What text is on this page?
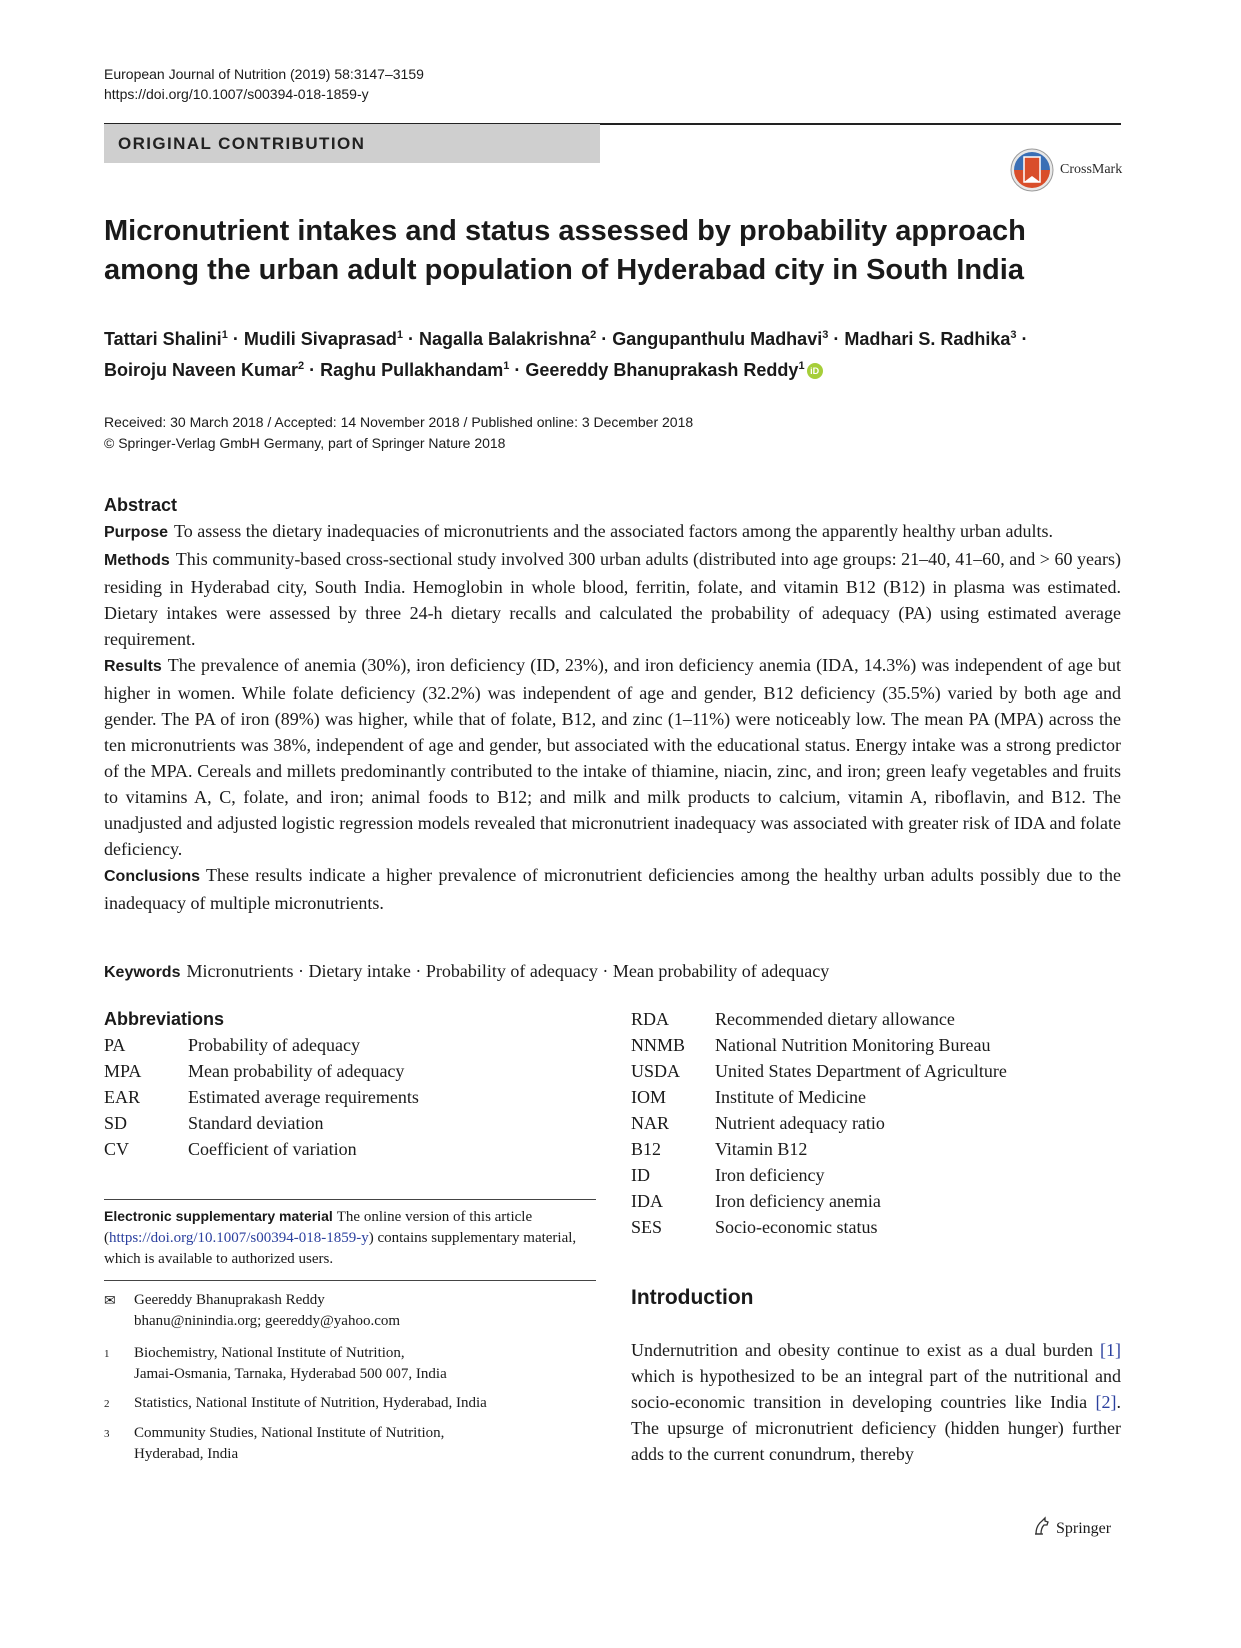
European Journal of Nutrition (2019) 58:3147–3159
https://doi.org/10.1007/s00394-018-1859-y
ORIGINAL CONTRIBUTION
CrossMark
Micronutrient intakes and status assessed by probability approach
among the urban adult population of Hyderabad city in South India
Tattari Shalini$^1$ · Mudili Sivaprasad$^1$ · Nagalla Balakrishna$^2$ · Gangupanthulu Madhavi$^3$ · Madhari S. Radhika$^3$ ·
Boiroju Naveen Kumar$^2$ · Raghu Pullakhandam$^1$ · Geereddy Bhanuprakash Reddy$^1$ iD
Received: 30 March 2018 / Accepted: 14 November 2018 / Published online: 3 December 2018
© Springer-Verlag GmbH Germany, part of Springer Nature 2018
Abstract

Purpose To assess the dietary inadequacies of micronutrients and the associated factors among the apparently healthy urban adults.

Methods This community-based cross-sectional study involved 300 urban adults (distributed into age groups: 21–40, 41–60, and > 60 years) residing in Hyderabad city, South India. Hemoglobin in whole blood, ferritin, folate, and vitamin B12 (B12) in plasma was estimated. Dietary intakes were assessed by three 24-h dietary recalls and calculated the probability of adequacy (PA) using estimated average requirement.

Results The prevalence of anemia (30%), iron deficiency (ID, 23%), and iron deficiency anemia (IDA, 14.3%) was independent of age but higher in women. While folate deficiency (32.2%) was independent of age and gender, B12 deficiency (35.5%) varied by both age and gender. The PA of iron (89%) was higher, while that of folate, B12, and zinc (1–11%) were noticeably low. The mean PA (MPA) across the ten micronutrients was 38%, independent of age and gender, but associated with the educational status. Energy intake was a strong predictor of the MPA. Cereals and millets predominantly contributed to the intake of thiamine, niacin, zinc, and iron; green leafy vegetables and fruits to vitamins A, C, folate, and iron; animal foods to B12; and milk and milk products to calcium, vitamin A, riboflavin, and B12. The unadjusted and adjusted logistic regression models revealed that micronutrient inadequacy was associated with greater risk of IDA and folate deficiency.

Conclusions These results indicate a higher prevalence of micronutrient deficiencies among the healthy urban adults possibly due to the inadequacy of multiple micronutrients.

Keywords Micronutrients · Dietary intake · Probability of adequacy · Mean probability of adequacy
Abbreviations
PA	Probability of adequacy
MPA	Mean probability of adequacy
EAR	Estimated average requirements
SD	Standard deviation
CV	Coefficient of variation
RDA	Recommended dietary allowance
NNMB	National Nutrition Monitoring Bureau
USDA	United States Department of Agriculture
IOM	Institute of Medicine
NAR	Nutrient adequacy ratio
B12	Vitamin B12
ID	Iron deficiency
IDA	Iron deficiency anemia
SES	Socio-economic status
Electronic supplementary material The online version of this article (https://doi.org/10.1007/s00394-018-1859-y) contains supplementary material, which is available to authorized users.
✉	Geereddy Bhanuprakash Reddy
bhanu@ninindia.org; geereddy@yahoo.com
1	Biochemistry, National Institute of Nutrition,
Jamai-Osmania, Tarnaka, Hyderabad 500 007, India
2	Statistics, National Institute of Nutrition, Hyderabad, India
3	Community Studies, National Institute of Nutrition,
Hyderabad, India
Introduction
Undernutrition and obesity continue to exist as a dual burden [1] which is hypothesized to be an integral part of the nutritional and socio-economic transition in developing countries like India [2]. The upsurge of micronutrient deficiency (hidden hunger) further adds to the current conundrum, thereby
Springer
